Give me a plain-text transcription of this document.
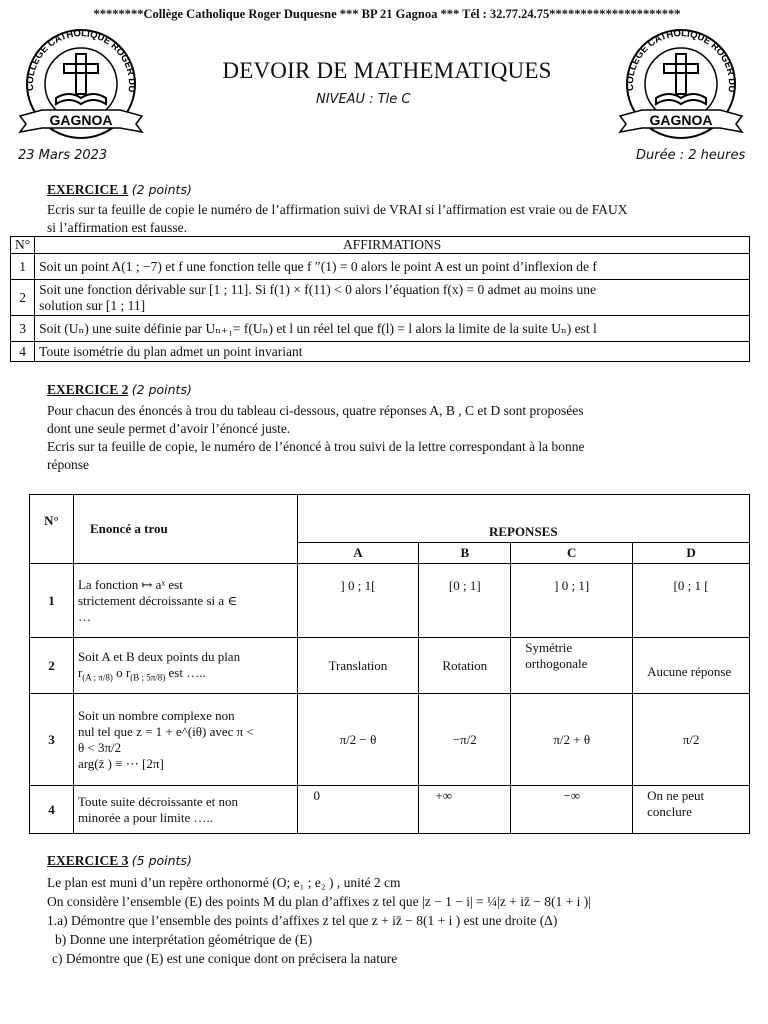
********Collège Catholique Roger Duquesne *** BP 21 Gagnoa *** Tél : 32.77.24.75*********************
COLLEGE CATHOLIQUE ROGER DU
GAGNOA
COLLEGE CATHOLIQUE ROGER DU
GAGNOA
DEVOIR DE MATHEMATIQUES
NIVEAU : Tle C
23 Mars 2023	Durée : 2 heures
EXERCICE 1 (2 points)
Ecris sur ta feuille de copie le numéro de l’affirmation suivi de VRAI si l’affirmation est vraie ou de FAUX
si l’affirmation est fausse.
N°	AFFIRMATIONS
1	Soit un point A(1 ; −7) et f une fonction telle que f ′′(1) = 0 alors le point A est un point d’inflexion de f
2	Soit une fonction dérivable sur [1 ; 11]. Si f(1) × f(11) < 0 alors l’équation f(x) = 0 admet au moins une
solution sur [1 ; 11]

3	Soit (Uₙ) une suite définie par Uₙ₊₁= f(Uₙ) et l un réel tel que f(l) = l alors la limite de la suite Uₙ) est l
4	Toute isométrie du plan admet un point invariant
EXERCICE 2 (2 points)
Pour chacun des énoncés à trou du tableau ci-dessous, quatre réponses A, B , C et D sont proposées
dont une seule permet d’avoir l’énoncé juste.
Ecris sur ta feuille de copie, le numéro de l’énoncé à trou suivi de la lettre correspondant à la bonne
réponse
N°	Enoncé a trou	REPONSES			
		A	B	C	D
1	La fonction ↦ aˣ est
strictement décroissante si a ∈
…	] 0 ; 1[	[0 ; 1]	] 0 ; 1]	[0 ; 1 [
2	Soit A et B deux points du plan
$r_{(A ; \pi/8)}$ o $r_{(B ; 5\pi/8)}$ est …..	Translation	Rotation	Symétrie orthogonale	Aucune réponse
3	Soit un nombre complexe non
nul tel que z = 1 + e^(iθ) avec π <
θ < 3π/2
arg(z̄ ) ≡ ⋯ [2π]	π/2 − θ	−π/2	π/2 + θ	π/2
4	Toute suite décroissante et non
minorée a pour limite …..	0	+∞	−∞	On ne peut conclure
EXERCICE 3 (5 points)
Le plan est muni d’un repère orthonormé (O; e₁ ; e₂ ) , unité 2 cm
On considère l’ensemble (E) des points M du plan d’affixes z tel que |z − 1 − i| = ¼|z + iz̄ − 8(1 + i )|
1.a) Démontre que l’ensemble des points d’affixes z tel que z + iz̄ − 8(1 + i ) est une droite (Δ)
b) Donne une interprétation géométrique de (E)
c) Démontre que (E) est une conique dont on précisera la nature
